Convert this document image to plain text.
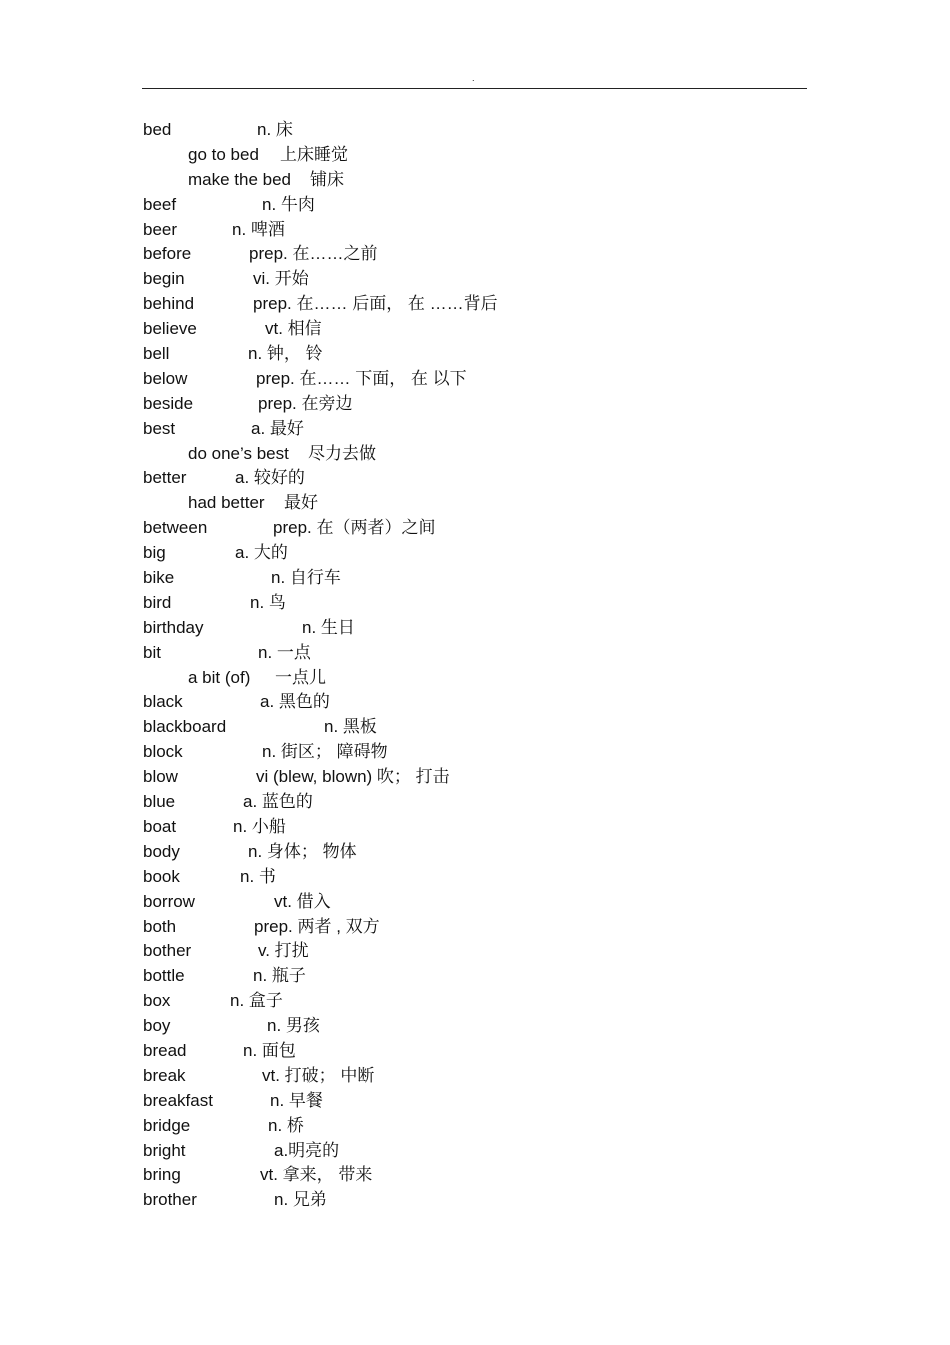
.
bed	n. 床
go to bed 上床睡觉
make the bed 铺床
beef	n. 牛肉
beer	n. 啤酒
before	prep. 在……之前
begin	vi. 开始
behind	prep. 在…… 后面， 在 ……背后
believe	vt. 相信
bell	n. 钟， 铃
below	prep. 在…… 下面， 在 以下
beside	prep. 在旁边
best	a. 最好
do one’s best 尽力去做
better	a. 较好的
had better 最好
between	prep. 在（两者）之间
big	a. 大的
bike	n. 自行车
bird	n. 鸟
birthday	n. 生日
bit	n. 一点
a bit (of) 一点儿
black	a. 黑色的
blackboard	n. 黑板
block	n. 街区； 障碍物
blow	vi (blew, blown) 吹； 打击
blue	a. 蓝色的
boat	n. 小船
body	n. 身体； 物体
book	n. 书
borrow	vt. 借入
both	prep. 两者 , 双方
bother	v. 打扰
bottle	n. 瓶子
box	n. 盒子
boy	n. 男孩
bread	n. 面包
break	vt. 打破； 中断
breakfast	n. 早餐
bridge	n. 桥
bright	a.明亮的
bring	vt. 拿来， 带来
brother	n. 兄弟
